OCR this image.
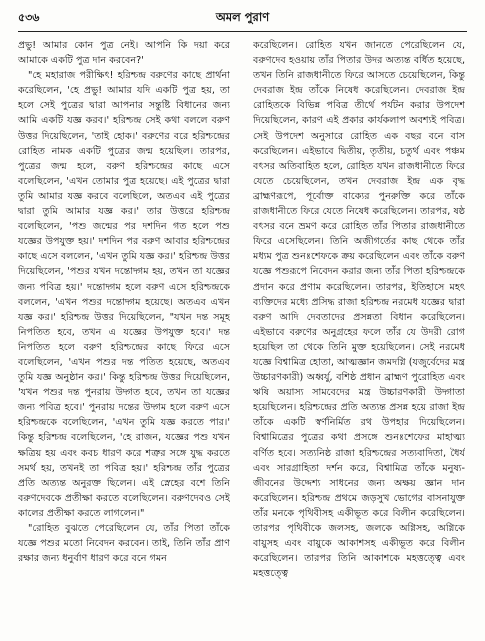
৫৩৬	অমল পুরাণ

প্রভু! আমার কোন পুত্র নেই। আপনি কি দয়া করে আমাকে একটি পুত্র দান করবেন?'

"হে মহারাজ পরীক্ষিৎ! হরিশ্চন্দ্র বরুণের কাছে প্রার্থনা করেছিলেন, 'হে প্রভু! আমার যদি একটি পুত্র হয়, তা হলে সেই পুত্রের দ্বারা আপনার সন্তুষ্টি বিধানের জন্য আমি একটি যজ্ঞ করব।' হরিশ্চন্দ্র সেই কথা বললে বরুণ উত্তর দিয়েছিলেন, 'তাই হোক।' বরুণের বরে হরিশ্চন্দ্রের রোহিত নামক একটি পুত্রের জন্ম হয়েছিল। তারপর, পুত্রের জন্ম হলে, বরুণ হরিশ্চন্দ্রের কাছে এসে বলেছিলেন, 'এখন তোমার পুত্র হয়েছে। এই পুত্রের দ্বারা তুমি আমার যজ্ঞ করবে বলেছিলে, অতএব এই পুত্রের দ্বারা তুমি আমার যজ্ঞ কর।' তার উত্তরে হরিশ্চন্দ্র বলেছিলেন, 'পশু জন্মের পর দশদিন গত হলে পশু যজ্ঞের উপযুক্ত হয়।' দশদিন পর বরুণ আবার হরিশ্চন্দ্রের কাছে এসে বললেন, 'এখন তুমি যজ্ঞ কর।' হরিশ্চন্দ্র উত্তর দিয়েছিলেন, 'পশুর যখন দন্তোদ্গম হয়, তখন তা যজ্ঞের জন্য পবিত্র হয়।' দন্তোদ্গম হলে বরুণ এসে হরিশ্চন্দ্রকে বললেন, 'এখন পশুর দন্তোদ্গম হয়েছে। অতএব এখন যজ্ঞ কর।' হরিশ্চন্দ্র উত্তর দিয়েছিলেন, "যখন দন্ত সমূহ নিপতিত হবে, তখন এ যজ্ঞের উপযুক্ত হবে।' দন্ত নিপতিত হলে বরুণ হরিশ্চন্দ্রের কাছে ফিরে এসে বলেছিলেন, 'এখন পশুর দন্ত পতিত হয়েছে, অতএব তুমি যজ্ঞ অনুষ্ঠান কর।' কিন্তু হরিশ্চন্দ্র উত্তর দিয়েছিলেন, 'যখন পশুর দন্ত পুনরায় উদ্গত হবে, তখন তা যজ্ঞের জন্য পবিত্র হবে।' পুনরায় দন্তের উদ্গম হলে বরুণ এসে হরিশ্চন্দ্রকে বলেছিলেন, 'এখন তুমি যজ্ঞ করতে পার।' কিন্তু হরিশ্চন্দ্র বলেছিলেন, 'হে রাজন, যজ্ঞের পশু যখন ক্ষত্রিয় হয় এবং কবচ ধারণ করে শত্রুর সঙ্গে যুদ্ধ করতে সমর্থ হয়, তখনই তা পবিত্র হয়।' হরিশ্চন্দ্র তাঁর পুত্রের প্রতি অত্যন্ত অনুরক্ত ছিলেন। এই স্নেহের বশে তিনি বরুণদেবকে প্রতীক্ষা করতে বলেছিলেন। বরুণদেবও সেই কালের প্রতীক্ষা করতে লাগলেন।"

"রোহিত বুঝতে পেরেছিলেন যে, তাঁর পিতা তাঁকে যজ্ঞে পশুর মতো নিবেদন করবেন। তাই, তিনি তাঁর প্রাণ রক্ষার জন্য ধনুর্বাণ ধারণ করে বনে গমন

করেছিলেন। রোহিত যখন জানতে পেরেছিলেন যে, বরুণদেব হওয়ায় তাঁর পিতার উদর অত্যন্ত বর্ধিত হয়েছে, তখন তিনি রাজধানীতে ফিরে আসতে চেয়েছিলেন, কিন্তু দেবরাজ ইন্দ্র তাঁকে নিষেধ করেছিলেন। দেবরাজ ইন্দ্র রোহিতকে বিভিন্ন পবিত্র তীর্থে পর্যটন করার উপদেশ দিয়েছিলেন, কারণ এই প্রকার কার্যকলাপ অবশ্যই পবিত্র। সেই উপদেশ অনুসারে রোহিত এক বছর বনে বাস করেছিলেন। এইভাবে দ্বিতীয়, তৃতীয়, চতুর্থ এবং পঞ্চম বৎসর অতিবাহিত হলে, রোহিত যখন রাজধানীতে ফিরে যেতে চেয়েছিলেন, তখন দেবরাজ ইন্দ্র এক বৃদ্ধ ব্রাহ্মণরূপে, পূর্বোক্ত বাক্যের পুনরুক্তি করে তাঁকে রাজধানীতে ফিরে যেতে নিষেধ করেছিলেন। তারপর, ষষ্ঠ বৎসর বনে ভ্রমণ করে রোহিত তাঁর পিতার রাজধানীতে ফিরে এসেছিলেন। তিনি অজীগর্তের কাছ থেকে তাঁর মধ্যম পুত্র শুনঃশেফকে ক্রয় করেছিলেন এবং তাঁকে বরুণ যজ্ঞে পশুরূপে নিবেদন করার জন্য তাঁর পিতা হরিশ্চন্দ্রকে প্রদান করে প্রণাম করেছিলেন। তারপর, ইতিহাসে মহৎ ব্যক্তিদের মধ্যে প্রসিদ্ধ রাজা হরিশ্চন্দ্র নরমেধ যজ্ঞের দ্বারা বরুণ আদি দেবতাদের প্রসন্নতা বিধান করেছিলেন। এইভাবে বরুণের অনুগ্রহের ফলে তাঁর যে উদরী রোগ হয়েছিল তা থেকে তিনি মুক্ত হয়েছিলেন। সেই নরমেধ যজ্ঞে বিশ্বামিত্র হোতা, আত্মজ্ঞান জমদগ্নি (যজুর্বেদের মন্ত্র উচ্চারণকারী) অধ্বর্যু, বশিষ্ঠ প্রধান ব্রাহ্মণ পুরোহিত এবং ঋষি অয়াস্য সামবেদের মন্ত্র উচ্চারণকারী উদ্গাতা হয়েছিলেন। হরিশ্চন্দ্রের প্রতি অত্যন্ত প্রসন্ন হয়ে রাজা ইন্দ্র তাঁকে একটি স্বর্ণনির্মিত রথ উপহার দিয়েছিলেন। বিশ্বামিত্রের পুত্রের কথা প্রসঙ্গে শুনঃশেফের মাহাত্ম্য বর্ণিত হবে। সত্যনিষ্ঠ রাজা হরিশ্চন্দ্রের সত্যবাদিতা, ধৈর্য এবং সারগ্রাহিতা দর্শন করে, বিশ্বামিত্র তাঁকে মনুষ্য-জীবনের উদ্দেশ্য সাধনের জন্য অক্ষয় জ্ঞান দান করেছিলেন। হরিশ্চন্দ্র প্রথমে জড়সুখ ভোগের বাসনাযুক্ত তাঁর মনকে পৃথিবীসহ একীভূত করে বিলীন করেছিলেন। তারপর পৃথিবীকে জলসহ, জলকে অগ্নিসহ, অগ্নিকে বায়ুসহ এবং বায়ুকে আকাশসহ একীভূত করে বিলীন করেছিলেন। তারপর তিনি আকাশকে মহত্তত্ত্বে এবং মহত্তত্ত্বে
